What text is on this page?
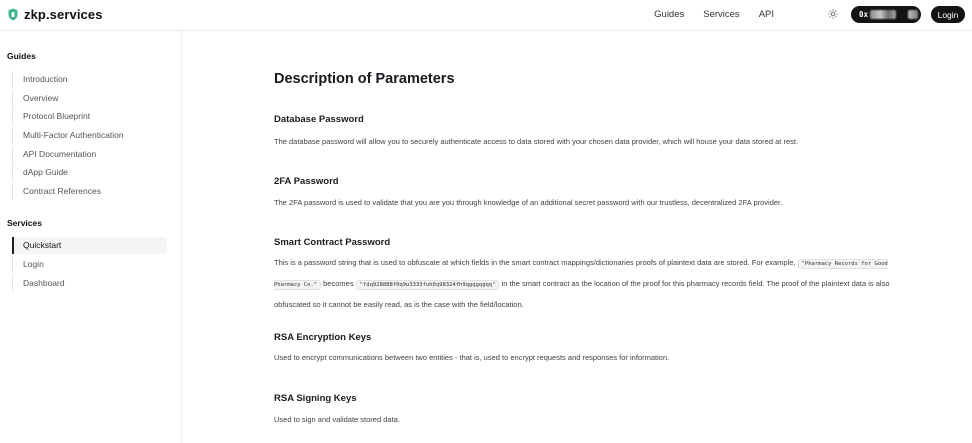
zkp.services	Guides Services API	0x	Login
Guides
Introduction
Overview
Protocol Blueprint
Multi-Factor Authentication
API Documentation
dApp Guide
Contract References
Services
Quickstart
Login
Dashboard
Description of Parameters
Database Password

The database password will allow you to securely authenticate access to data stored with your chosen data provider, which will house your data stored at rest.

2FA Password

The 2FA password is used to validate that you are you through knowledge of an additional secret password with our trustless, decentralized 2FA provider.

Smart Contract Password

This is a password string that is used to obfuscate at which fields in the smart contract mappings/dictionaries proofs of plaintext data are stored. For example, "Pharmacy Records for Good Pharmacy Co." becomes "fdq928888f0q9u3333fuh0q98324fh9qgqgqgqq" in the smart contract as the location of the proof for this pharmacy records field. The proof of the plaintext data is also obfuscated so it cannot be easily read, as is the case with the field/location.

RSA Encryption Keys

Used to encrypt communications between two entities - that is, used to encrypt requests and responses for information.

RSA Signing Keys

Used to sign and validate stored data.
